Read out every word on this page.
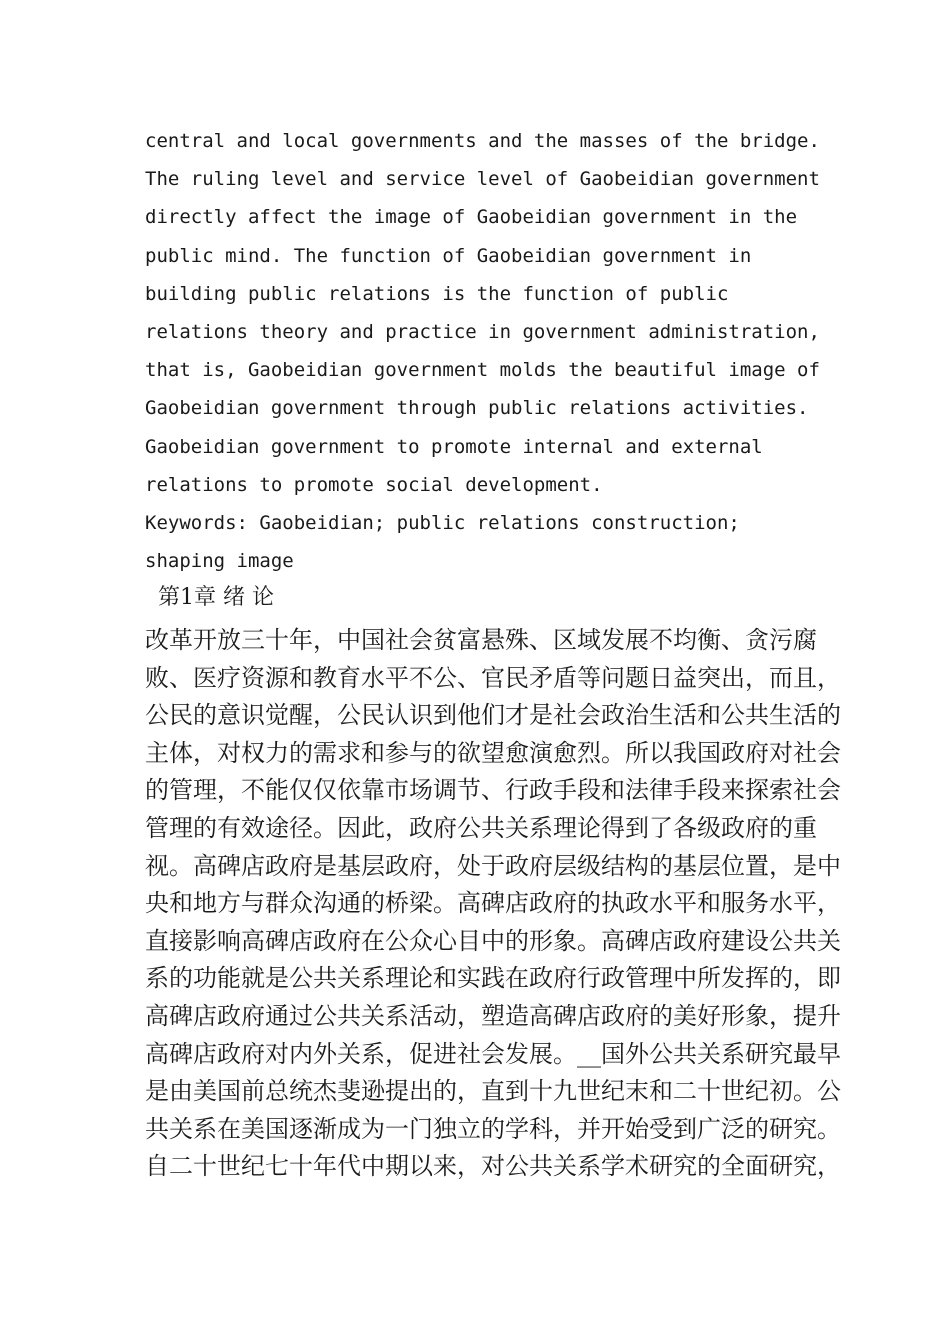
central and local governments and the masses of the bridge.
The ruling level and service level of Gaobeidian government
directly affect the image of Gaobeidian government in the
public mind. The function of Gaobeidian government in
building public relations is the function of public
relations theory and practice in government administration,
that is, Gaobeidian government molds the beautiful image of
Gaobeidian government through public relations activities.
Gaobeidian government to promote internal and external
relations to promote social development.
Keywords: Gaobeidian; public relations construction;
shaping image
第1章 绪 论
改革开放三十年，中国社会贫富悬殊、区域发展不均衡、贪污腐
败、医疗资源和教育水平不公、官民矛盾等问题日益突出，而且，
公民的意识觉醒，公民认识到他们才是社会政治生活和公共生活的
主体，对权力的需求和参与的欲望愈演愈烈。所以我国政府对社会
的管理，不能仅仅依靠市场调节、行政手段和法律手段来探索社会
管理的有效途径。因此，政府公共关系理论得到了各级政府的重
视。高碑店政府是基层政府，处于政府层级结构的基层位置，是中
央和地方与群众沟通的桥梁。高碑店政府的执政水平和服务水平，
直接影响高碑店政府在公众心目中的形象。高碑店政府建设公共关
系的功能就是公共关系理论和实践在政府行政管理中所发挥的，即
高碑店政府通过公共关系活动，塑造高碑店政府的美好形象，提升
高碑店政府对内外关系，促进社会发展。__国外公共关系研究最早
是由美国前总统杰斐逊提出的，直到十九世纪末和二十世纪初。公
共关系在美国逐渐成为一门独立的学科，并开始受到广泛的研究。
自二十世纪七十年代中期以来，对公共关系学术研究的全面研究，
